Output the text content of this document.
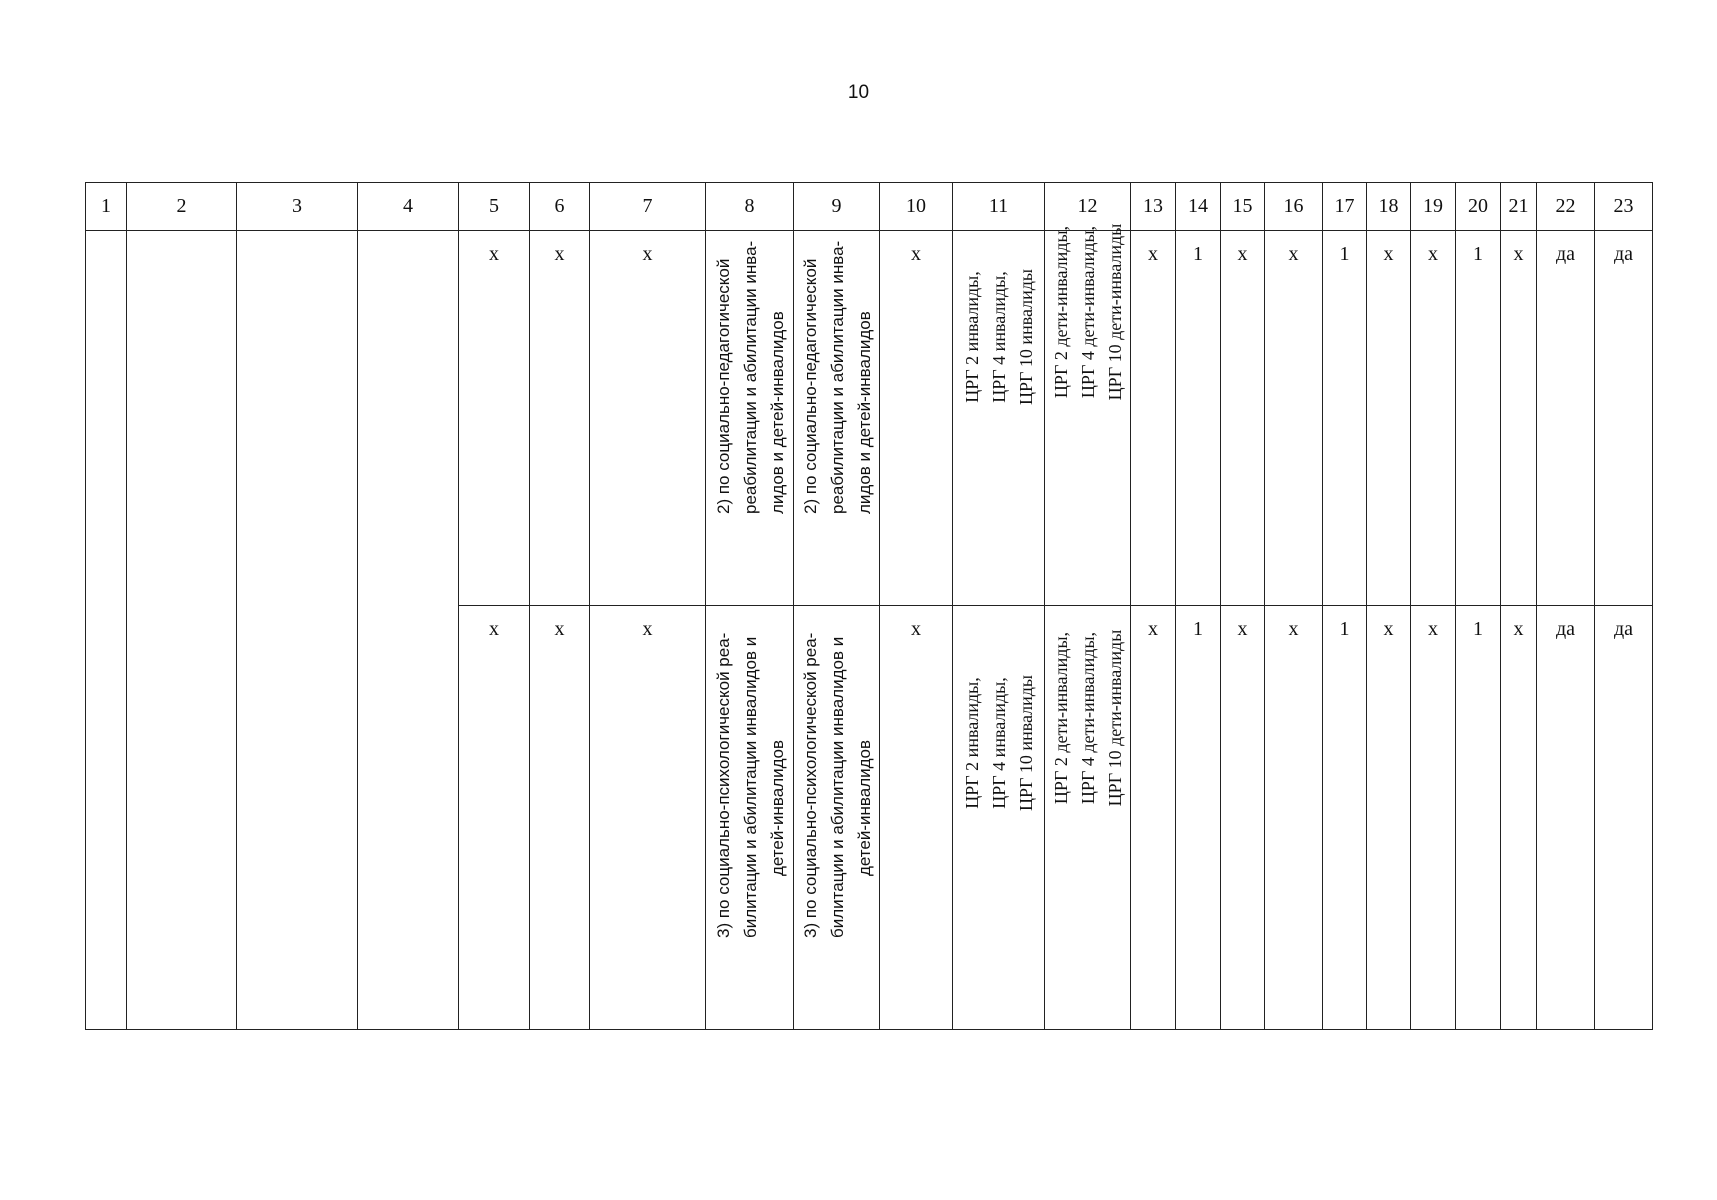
10
1	2	3	4	5	6	7	8	9	10	11	12	13	14	15	16	17	18	19	20	21	22	23

				х	х	х	2) по социально-педагогической реабилитации и абилитации инва- лидов и детей-инвалидов	2) по социально-педагогической реабилитации и абилитации инва- лидов и детей-инвалидов	х	ЦРГ 2 инвалиды, ЦРГ 4 инвалиды, ЦРГ 10 инвалиды	ЦРГ 2 дети-инвалиды, ЦРГ 4 дети-инвалиды, ЦРГ 10 дети-инвалиды	х	1	х	х	1	х	х	1	х	да	да

				х	х	х	3) по социально-психологической реа- билитации и абилитации инвалидов и детей-инвалидов	3) по социально-психологической реа- билитации и абилитации инвалидов и детей-инвалидов	х	ЦРГ 2 инвалиды, ЦРГ 4 инвалиды, ЦРГ 10 инвалиды	ЦРГ 2 дети-инвалиды, ЦРГ 4 дети-инвалиды, ЦРГ 10 дети-инвалиды	х	1	х	х	1	х	х	1	х	да	да
